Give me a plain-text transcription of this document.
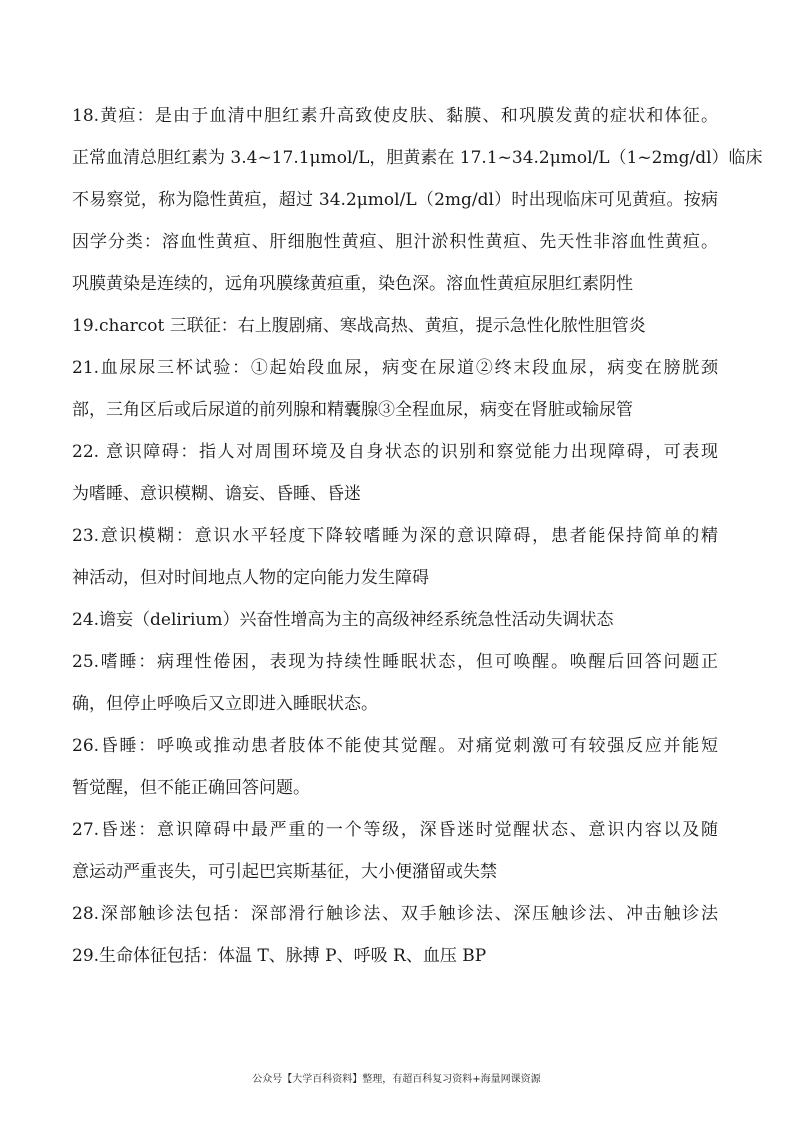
18.黄疸：是由于血清中胆红素升高致使皮肤、黏膜、和巩膜发黄的症状和体征。
正常血清总胆红素为 3.4~17.1μmol/L，胆黄素在 17.1~34.2μmol/L（1~2mg/dl）临床
不易察觉，称为隐性黄疸，超过 34.2μmol/L（2mg/dl）时出现临床可见黄疸。按病
因学分类：溶血性黄疸、肝细胞性黄疸、胆汁淤积性黄疸、先天性非溶血性黄疸。
巩膜黄染是连续的，远角巩膜缘黄疸重，染色深。溶血性黄疸尿胆红素阴性
19.charcot 三联征：右上腹剧痛、寒战高热、黄疸，提示急性化脓性胆管炎
21.血尿尿三杯试验：①起始段血尿，病变在尿道②终末段血尿，病变在膀胱颈
部，三角区后或后尿道的前列腺和精囊腺③全程血尿，病变在肾脏或输尿管
22. 意识障碍：指人对周围环境及自身状态的识别和察觉能力出现障碍，可表现
为嗜睡、意识模糊、谵妄、昏睡、昏迷
23.意识模糊：意识水平轻度下降较嗜睡为深的意识障碍，患者能保持简单的精
神活动，但对时间地点人物的定向能力发生障碍
24.谵妄（delirium）兴奋性增高为主的高级神经系统急性活动失调状态
25.嗜睡：病理性倦困，表现为持续性睡眠状态，但可唤醒。唤醒后回答问题正
确，但停止呼唤后又立即进入睡眠状态。
26.昏睡：呼唤或推动患者肢体不能使其觉醒。对痛觉刺激可有较强反应并能短
暂觉醒，但不能正确回答问题。
27.昏迷：意识障碍中最严重的一个等级，深昏迷时觉醒状态、意识内容以及随
意运动严重丧失，可引起巴宾斯基征，大小便潴留或失禁
28.深部触诊法包括：深部滑行触诊法、双手触诊法、深压触诊法、冲击触诊法
29.生命体征包括：体温 T、脉搏 P、呼吸 R、血压 BP
公众号【大学百科资料】整理，有超百科复习资料+海量网课资源
